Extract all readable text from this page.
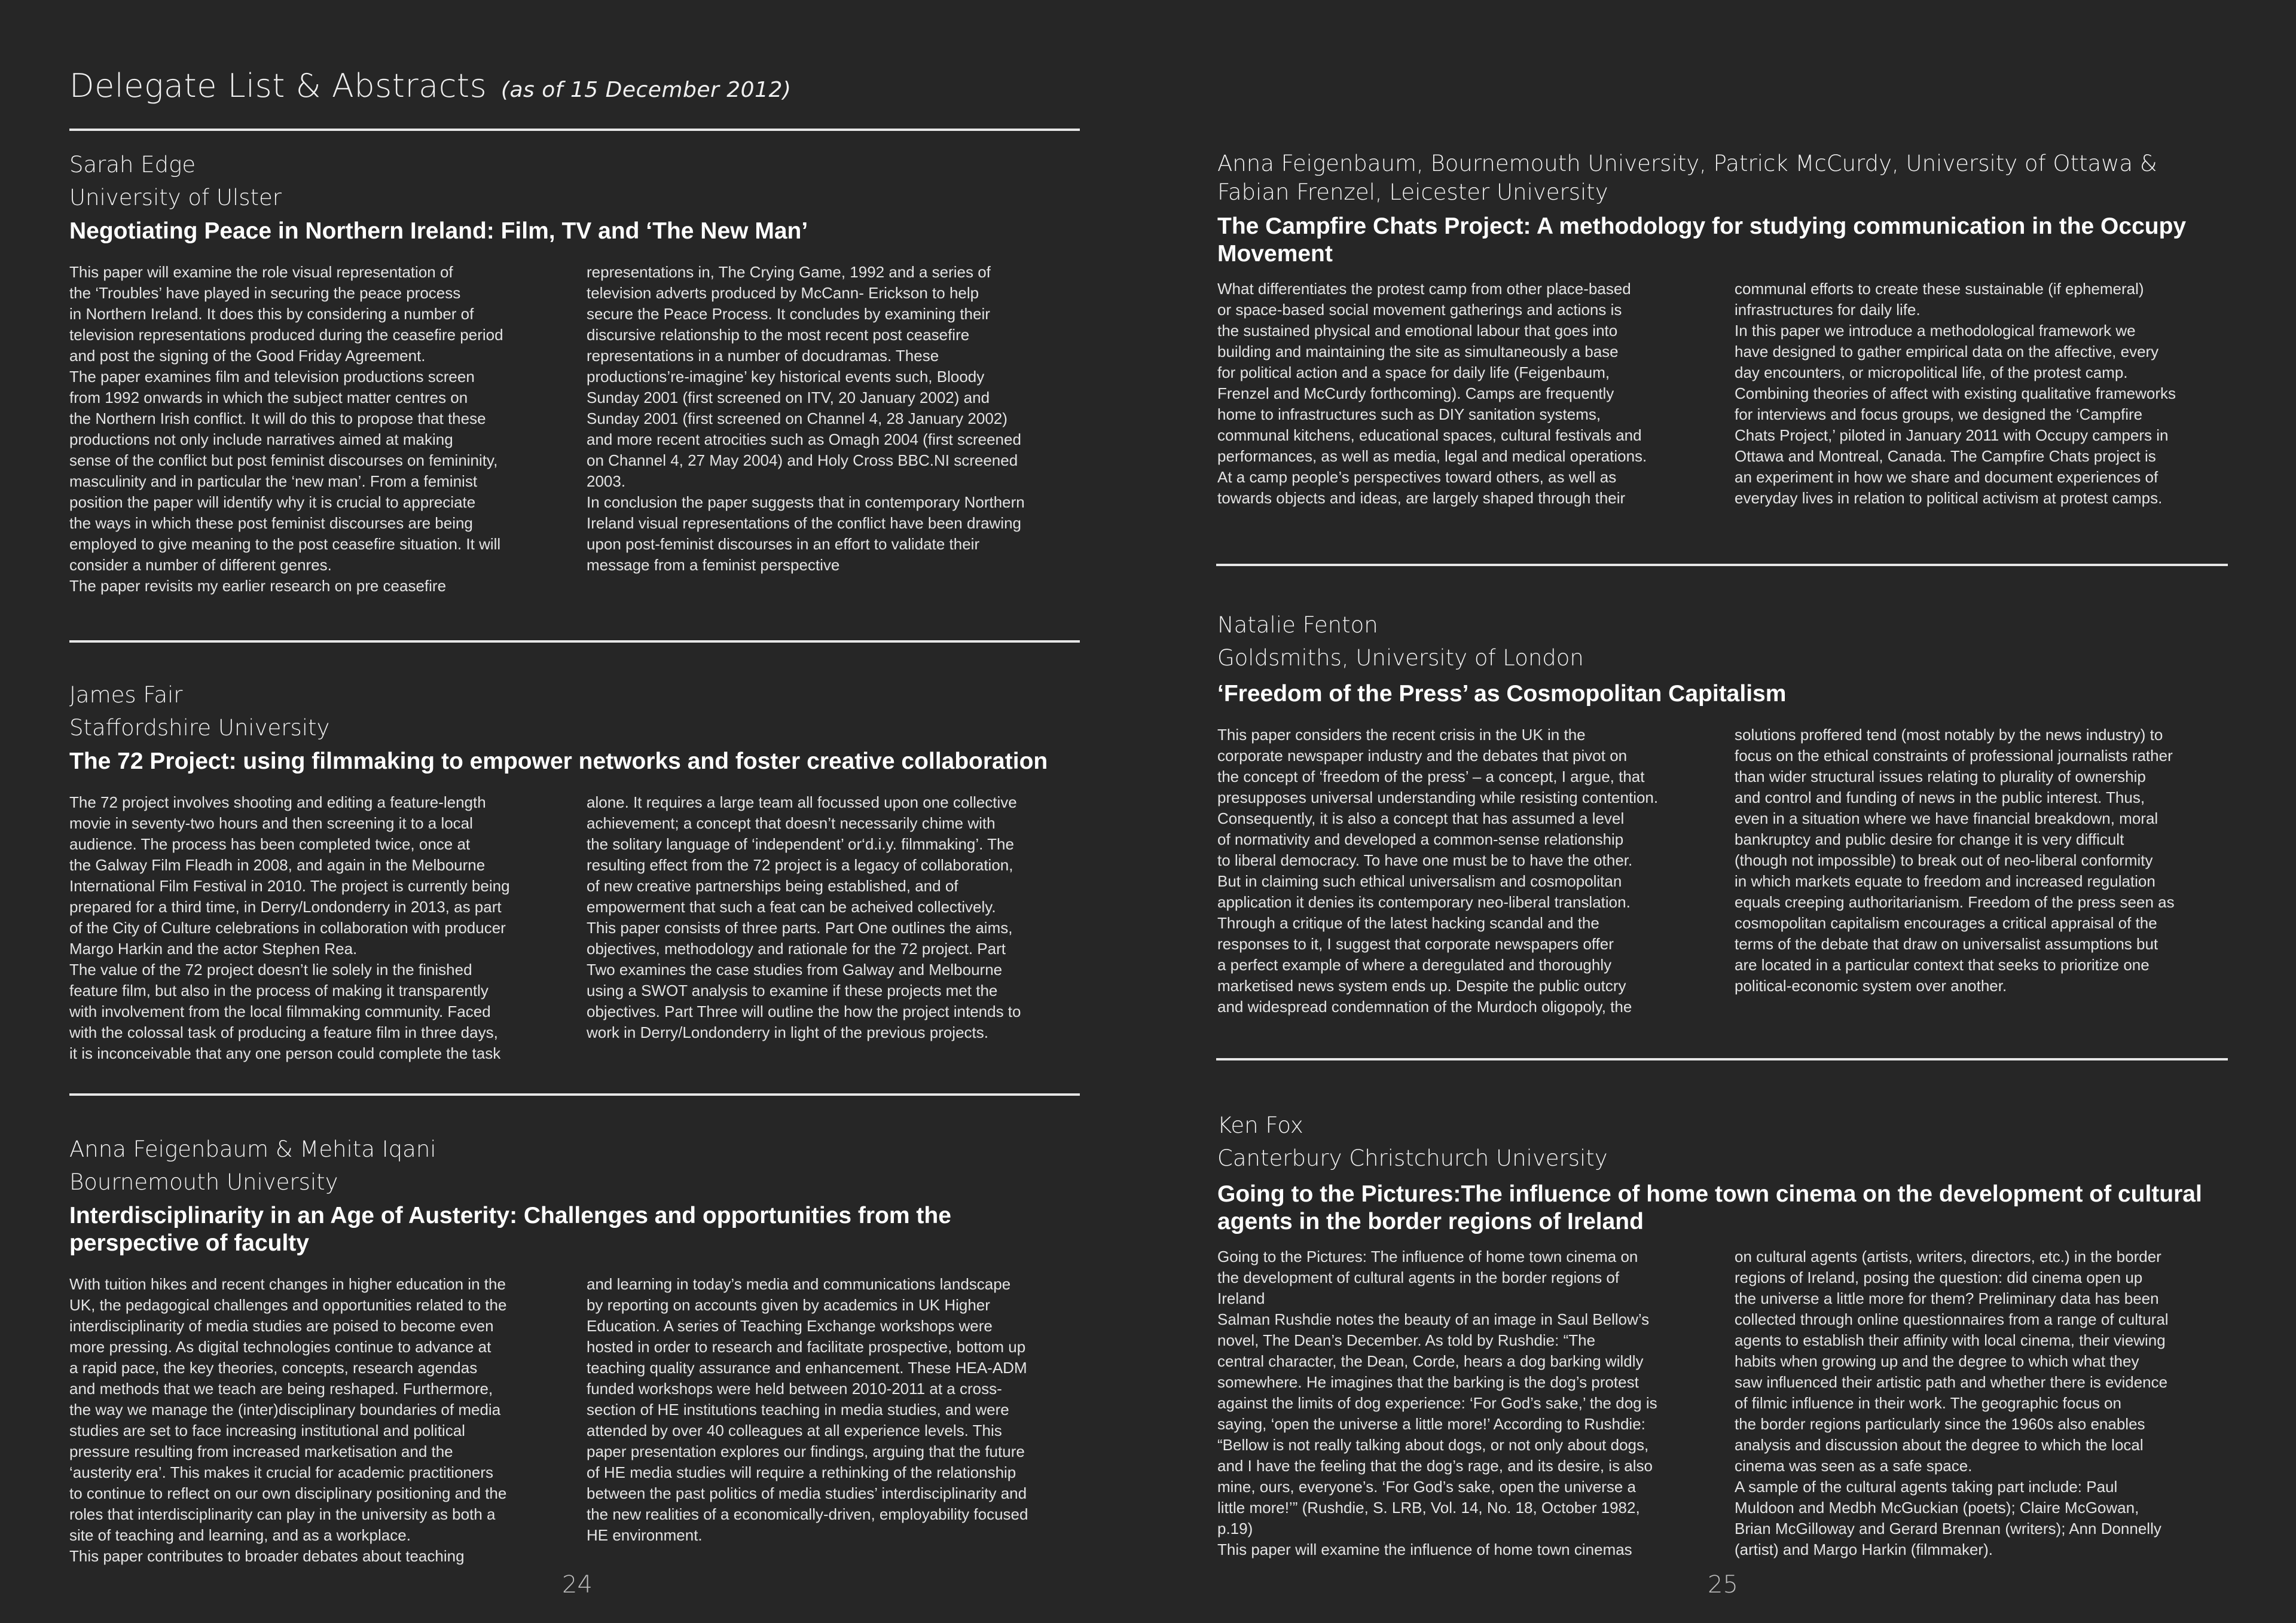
Delegate List & Abstracts (as of 15 December 2012)
Sarah Edge
University of Ulster
Negotiating Peace in Northern Ireland: Film, TV and ‘The New Man’
This paper will examine the role visual representation of
the ‘Troubles’ have played in securing the peace process
in Northern Ireland. It does this by considering a number of
television representations produced during the ceasefire period
and post the signing of the Good Friday Agreement.
The paper examines film and television productions screen
from 1992 onwards in which the subject matter centres on
the Northern Irish conflict. It will do this to propose that these
productions not only include narratives aimed at making
sense of the conflict but post feminist discourses on femininity,
masculinity and in particular the ‘new man’. From a feminist
position the paper will identify why it is crucial to appreciate
the ways in which these post feminist discourses are being
employed to give meaning to the post ceasefire situation. It will
consider a number of different genres.
The paper revisits my earlier research on pre ceasefire
representations in, The Crying Game, 1992 and a series of
television adverts produced by McCann- Erickson to help
secure the Peace Process. It concludes by examining their
discursive relationship to the most recent post ceasefire
representations in a number of docudramas. These
productions’re-imagine’ key historical events such, Bloody
Sunday 2001 (first screened on ITV, 20 January 2002) and
Sunday 2001 (first screened on Channel 4, 28 January 2002)
and more recent atrocities such as Omagh 2004 (first screened
on Channel 4, 27 May 2004) and Holy Cross BBC.NI screened
2003.
In conclusion the paper suggests that in contemporary Northern
Ireland visual representations of the conflict have been drawing
upon post-feminist discourses in an effort to validate their
message from a feminist perspective
James Fair
Staffordshire University
The 72 Project: using filmmaking to empower networks and foster creative collaboration
The 72 project involves shooting and editing a feature-length
movie in seventy-two hours and then screening it to a local
audience. The process has been completed twice, once at
the Galway Film Fleadh in 2008, and again in the Melbourne
International Film Festival in 2010. The project is currently being
prepared for a third time, in Derry/Londonderry in 2013, as part
of the City of Culture celebrations in collaboration with producer
Margo Harkin and the actor Stephen Rea.
The value of the 72 project doesn’t lie solely in the finished
feature film, but also in the process of making it transparently
with involvement from the local filmmaking community. Faced
with the colossal task of producing a feature film in three days,
it is inconceivable that any one person could complete the task
alone. It requires a large team all focussed upon one collective
achievement; a concept that doesn’t necessarily chime with
the solitary language of ‘independent’ or‘d.i.y. filmmaking’. The
resulting effect from the 72 project is a legacy of collaboration,
of new creative partnerships being established, and of
empowerment that such a feat can be acheived collectively.
This paper consists of three parts. Part One outlines the aims,
objectives, methodology and rationale for the 72 project. Part
Two examines the case studies from Galway and Melbourne
using a SWOT analysis to examine if these projects met the
objectives. Part Three will outline the how the project intends to
work in Derry/Londonderry in light of the previous projects.
Anna Feigenbaum & Mehita Iqani
Bournemouth University
Interdisciplinarity in an Age of Austerity: Challenges and opportunities from the perspective of faculty
With tuition hikes and recent changes in higher education in the
UK, the pedagogical challenges and opportunities related to the
interdisciplinarity of media studies are poised to become even
more pressing. As digital technologies continue to advance at
a rapid pace, the key theories, concepts, research agendas
and methods that we teach are being reshaped. Furthermore,
the way we manage the (inter)disciplinary boundaries of media
studies are set to face increasing institutional and political
pressure resulting from increased marketisation and the
‘austerity era’. This makes it crucial for academic practitioners
to continue to reflect on our own disciplinary positioning and the
roles that interdisciplinarity can play in the university as both a
site of teaching and learning, and as a workplace.
This paper contributes to broader debates about teaching
and learning in today’s media and communications landscape
by reporting on accounts given by academics in UK Higher
Education. A series of Teaching Exchange workshops were
hosted in order to research and facilitate prospective, bottom up
teaching quality assurance and enhancement. These HEA-ADM
funded workshops were held between 2010-2011 at a cross-
section of HE institutions teaching in media studies, and were
attended by over 40 colleagues at all experience levels. This
paper presentation explores our findings, arguing that the future
of HE media studies will require a rethinking of the relationship
between the past politics of media studies’ interdisciplinarity and
the new realities of a economically-driven, employability focused
HE environment.
24
Anna Feigenbaum, Bournemouth University, Patrick McCurdy, University of Ottawa & Fabian Frenzel, Leicester University
The Campfire Chats Project: A methodology for studying communication in the Occupy Movement
What differentiates the protest camp from other place-based
or space-based social movement gatherings and actions is
the sustained physical and emotional labour that goes into
building and maintaining the site as simultaneously a base
for political action and a space for daily life (Feigenbaum,
Frenzel and McCurdy forthcoming). Camps are frequently
home to infrastructures such as DIY sanitation systems,
communal kitchens, educational spaces, cultural festivals and
performances, as well as media, legal and medical operations.
At a camp people’s perspectives toward others, as well as
towards objects and ideas, are largely shaped through their
communal efforts to create these sustainable (if ephemeral)
infrastructures for daily life.
In this paper we introduce a methodological framework we
have designed to gather empirical data on the affective, every
day encounters, or micropolitical life, of the protest camp.
Combining theories of affect with existing qualitative frameworks
for interviews and focus groups, we designed the ‘Campfire
Chats Project,’ piloted in January 2011 with Occupy campers in
Ottawa and Montreal, Canada. The Campfire Chats project is
an experiment in how we share and document experiences of
everyday lives in relation to political activism at protest camps.
Natalie Fenton
Goldsmiths, University of London
‘Freedom of the Press’ as Cosmopolitan Capitalism
This paper considers the recent crisis in the UK in the
corporate newspaper industry and the debates that pivot on
the concept of ‘freedom of the press’ – a concept, I argue, that
presupposes universal understanding while resisting contention.
Consequently, it is also a concept that has assumed a level
of normativity and developed a common-sense relationship
to liberal democracy. To have one must be to have the other.
But in claiming such ethical universalism and cosmopolitan
application it denies its contemporary neo-liberal translation.
Through a critique of the latest hacking scandal and the
responses to it, I suggest that corporate newspapers offer
a perfect example of where a deregulated and thoroughly
marketised news system ends up. Despite the public outcry
and widespread condemnation of the Murdoch oligopoly, the
solutions proffered tend (most notably by the news industry) to
focus on the ethical constraints of professional journalists rather
than wider structural issues relating to plurality of ownership
and control and funding of news in the public interest. Thus,
even in a situation where we have financial breakdown, moral
bankruptcy and public desire for change it is very difficult
(though not impossible) to break out of neo-liberal conformity
in which markets equate to freedom and increased regulation
equals creeping authoritarianism. Freedom of the press seen as
cosmopolitan capitalism encourages a critical appraisal of the
terms of the debate that draw on universalist assumptions but
are located in a particular context that seeks to prioritize one
political-economic system over another.
Ken Fox
Canterbury Christchurch University
Going to the Pictures:The influence of home town cinema on the development of cultural agents in the border regions of Ireland
Going to the Pictures: The influence of home town cinema on
the development of cultural agents in the border regions of
Ireland
Salman Rushdie notes the beauty of an image in Saul Bellow’s
novel, The Dean’s December. As told by Rushdie: “The
central character, the Dean, Corde, hears a dog barking wildly
somewhere. He imagines that the barking is the dog’s protest
against the limits of dog experience: ‘For God’s sake,’ the dog is
saying, ‘open the universe a little more!’ According to Rushdie:
“Bellow is not really talking about dogs, or not only about dogs,
and I have the feeling that the dog’s rage, and its desire, is also
mine, ours, everyone’s. ‘For God’s sake, open the universe a
little more!’” (Rushdie, S. LRB, Vol. 14, No. 18, October 1982,
p.19)
This paper will examine the influence of home town cinemas
on cultural agents (artists, writers, directors, etc.) in the border
regions of Ireland, posing the question: did cinema open up
the universe a little more for them? Preliminary data has been
collected through online questionnaires from a range of cultural
agents to establish their affinity with local cinema, their viewing
habits when growing up and the degree to which what they
saw influenced their artistic path and whether there is evidence
of filmic influence in their work. The geographic focus on
the border regions particularly since the 1960s also enables
analysis and discussion about the degree to which the local
cinema was seen as a safe space.
A sample of the cultural agents taking part include: Paul
Muldoon and Medbh McGuckian (poets); Claire McGowan,
Brian McGilloway and Gerard Brennan (writers); Ann Donnelly
(artist) and Margo Harkin (filmmaker).
25
